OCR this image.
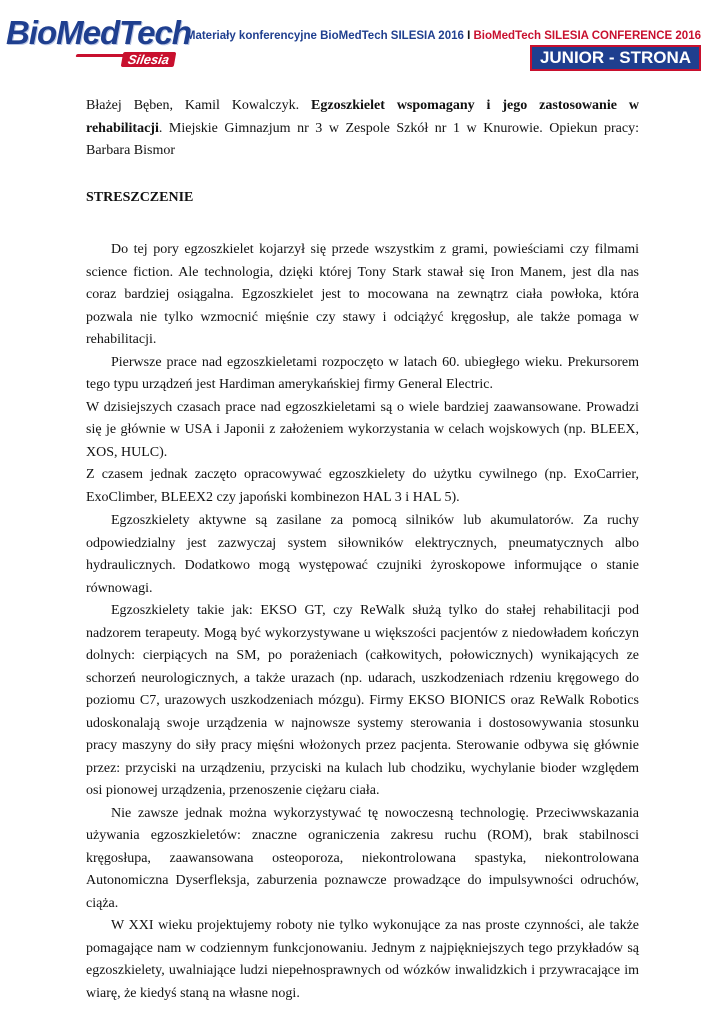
BioMedTech
Silesia
Materiały konferencyjne BioMedTech SILESIA 2016 I BioMedTech SILESIA CONFERENCE 2016
JUNIOR - STRONA 11

Błażej Bęben, Kamil Kowalczyk. Egzoszkielet wspomagany i jego zastosowanie w rehabilitacji. Miejskie Gimnazjum nr 3 w Zespole Szkół nr 1 w Knurowie. Opiekun pracy: Barbara Bismor

STRESZCZENIE

Do tej pory egzoszkielet kojarzył się przede wszystkim z grami, powieściami czy filmami science fiction. Ale technologia, dzięki której Tony Stark stawał się Iron Manem, jest dla nas coraz bardziej osiągalna. Egzoszkielet jest to mocowana na zewnątrz ciała powłoka, która pozwala nie tylko wzmocnić mięśnie czy stawy i odciążyć kręgosłup, ale także pomaga w rehabilitacji.

Pierwsze prace nad egzoszkieletami rozpoczęto w latach 60. ubiegłego wieku. Prekursorem tego typu urządzeń jest Hardiman amerykańskiej firmy General Electric.

W dzisiejszych czasach prace nad egzoszkieletami są o wiele bardziej zaawansowane. Prowadzi się je głównie w USA i Japonii z założeniem wykorzystania w celach wojskowych (np. BLEEX, XOS, HULC).

Z czasem jednak zaczęto opracowywać egzoszkielety do użytku cywilnego (np. ExoCarrier, ExoClimber, BLEEX2 czy japoński kombinezon HAL 3 i HAL 5).

Egzoszkielety aktywne są zasilane za pomocą silników lub akumulatorów. Za ruchy odpowiedzialny jest zazwyczaj system siłowników elektrycznych, pneumatycznych albo hydraulicznych. Dodatkowo mogą występować czujniki żyroskopowe informujące o stanie równowagi.

Egzoszkielety takie jak: EKSO GT, czy ReWalk służą tylko do stałej rehabilitacji pod nadzorem terapeuty. Mogą być wykorzystywane u większości pacjentów z niedowładem kończyn dolnych: cierpiących na SM, po porażeniach (całkowitych, połowicznych) wynikających ze schorzeń neurologicznych, a także urazach (np. udarach, uszkodzeniach rdzeniu kręgowego do poziomu C7, urazowych uszkodzeniach mózgu). Firmy EKSO BIONICS oraz ReWalk Robotics udoskonalają swoje urządzenia w najnowsze systemy sterowania i dostosowywania stosunku pracy maszyny do siły pracy mięśni włożonych przez pacjenta. Sterowanie odbywa się głównie przez: przyciski na urządzeniu, przyciski na kulach lub chodziku, wychylanie bioder względem osi pionowej urządzenia, przenoszenie ciężaru ciała.

Nie zawsze jednak można wykorzystywać tę nowoczesną technologię. Przeciwwskazania używania egzoszkieletów: znaczne ograniczenia zakresu ruchu (ROM), brak stabilnosci kręgosłupa, zaawansowana osteoporoza, niekontrolowana spastyka, niekontrolowana Autonomiczna Dyserfleksja, zaburzenia poznawcze prowadzące do impulsywności odruchów, ciąża.

W XXI wieku projektujemy roboty nie tylko wykonujące za nas proste czynności, ale także pomagające nam w codziennym funkcjonowaniu. Jednym z najpiękniejszych tego przykładów są egzoszkielety, uwalniające ludzi niepełnosprawnych od wózków inwalidzkich i przywracające im wiarę, że kiedyś staną na własne nogi.
